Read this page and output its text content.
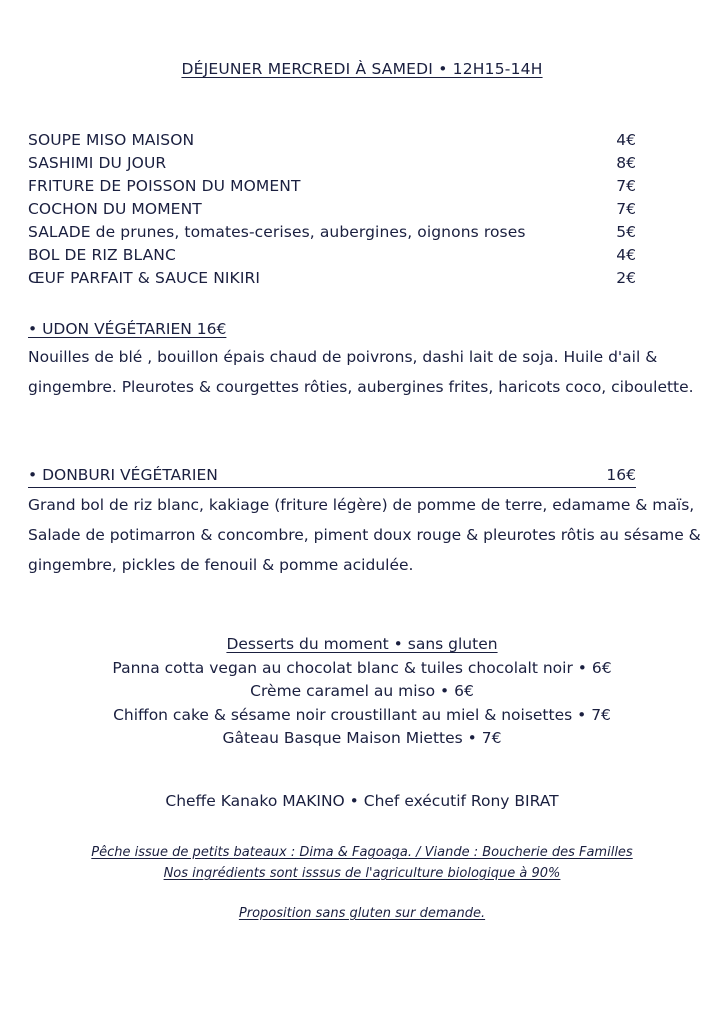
DÉJEUNER MERCREDI À SAMEDI • 12H15-14H
SOUPE MISO MAISON	4€
SASHIMI DU JOUR	8€
FRITURE DE POISSON DU MOMENT	7€
COCHON DU MOMENT	7€
SALADE de prunes, tomates-cerises, aubergines, oignons roses	5€
BOL DE RIZ BLANC	4€
ŒUF PARFAIT & SAUCE NIKIRI	2€
• UDON VÉGÉTARIEN 16€
Nouilles de blé , bouillon épais chaud de poivrons, dashi lait de soja. Huile d'ail & gingembre. Pleurotes & courgettes rôties, aubergines frites, haricots coco, ciboulette.
• DONBURI VÉGÉTARIEN	16€
Grand bol de riz blanc, kakiage (friture légère) de pomme de terre, edamame & maïs, Salade de potimarron & concombre, piment doux rouge & pleurotes rôtis au sésame & gingembre, pickles de fenouil & pomme acidulée.
Desserts du moment • sans gluten
Panna cotta vegan au chocolat blanc & tuiles chocolalt noir • 6€
Crème caramel au miso • 6€
Chiffon cake & sésame noir croustillant au miel & noisettes • 7€
Gâteau Basque Maison Miettes • 7€
Cheffe Kanako MAKINO • Chef exécutif Rony BIRAT
Pêche issue de petits bateaux : Dima & Fagoaga. / Viande : Boucherie des Familles
Nos ingrédients sont isssus de l'agriculture biologique à 90%
Proposition sans gluten sur demande.
